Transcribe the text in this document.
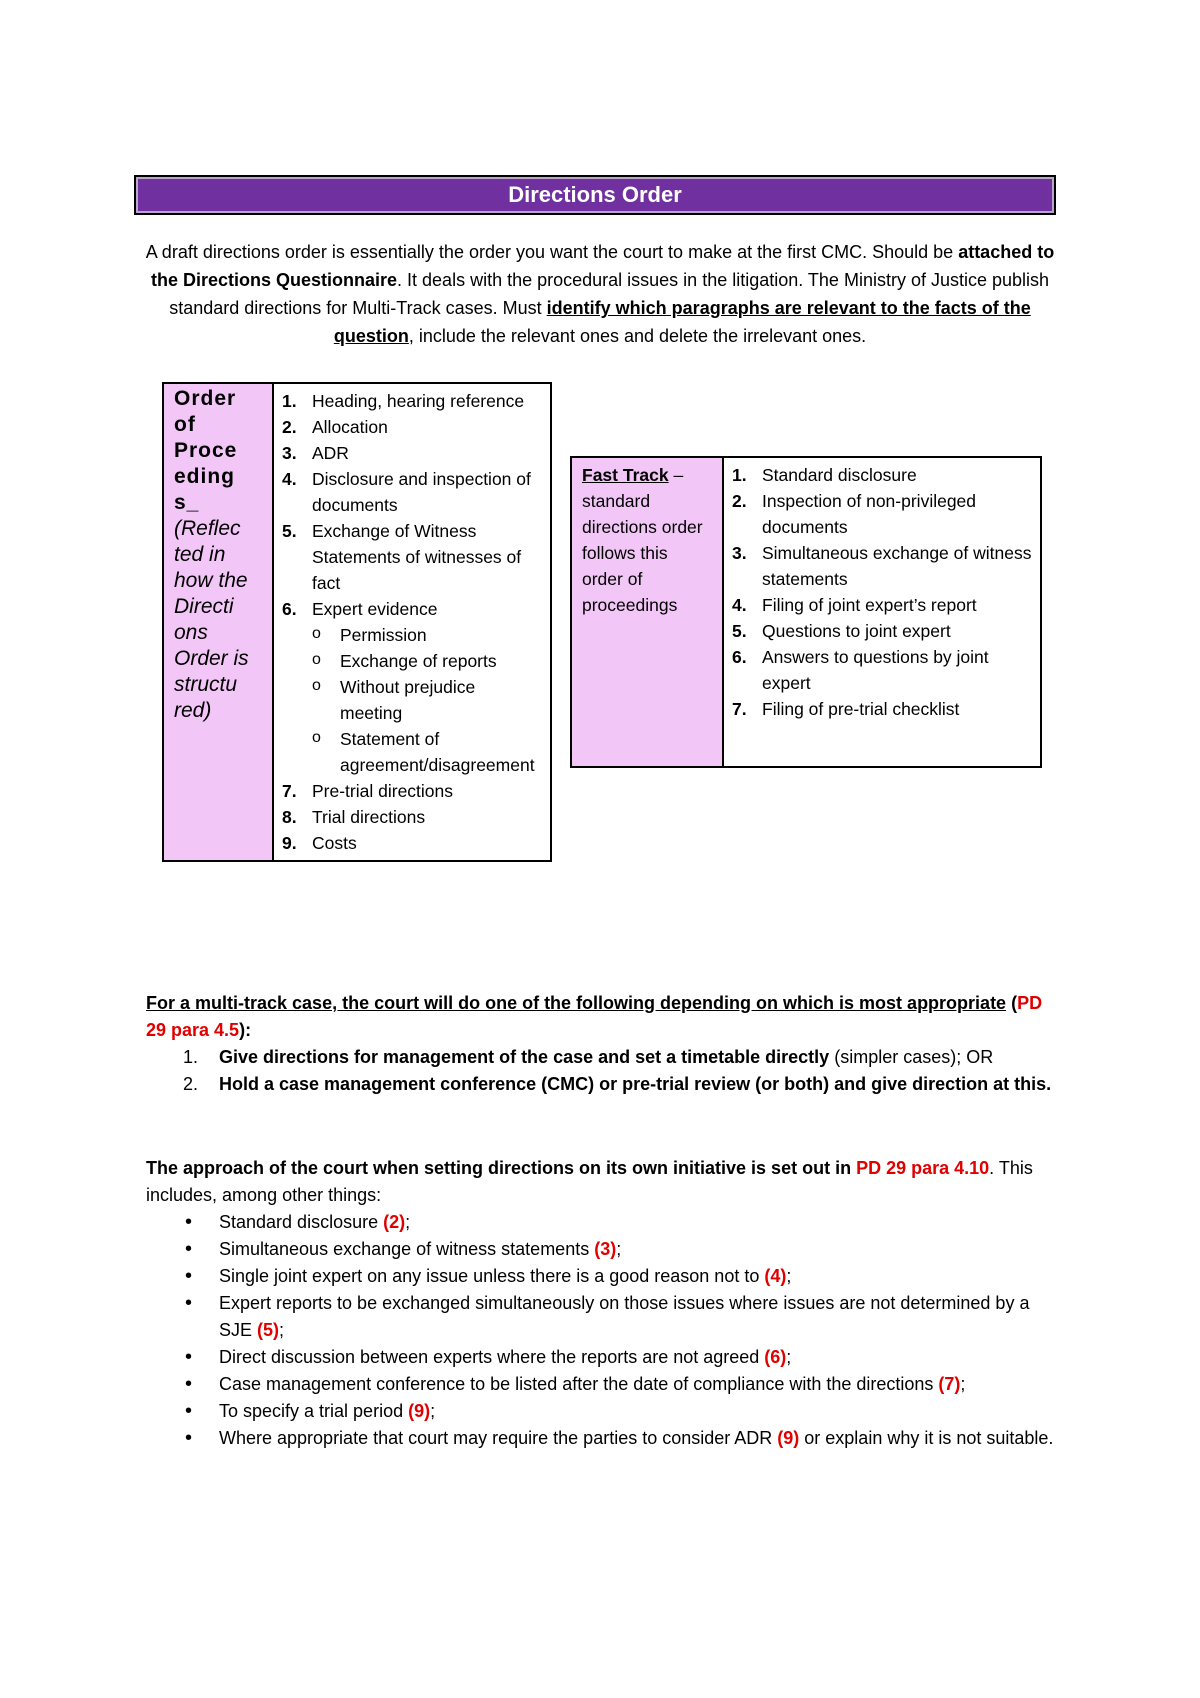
Directions Order
A draft directions order is essentially the order you want the court to make at the first CMC. Should be attached to the Directions Questionnaire. It deals with the procedural issues in the litigation. The Ministry of Justice publish standard directions for Multi-Track cases. Must identify which paragraphs are relevant to the facts of the question, include the relevant ones and delete the irrelevant ones.
Order of Proce eding s_
(Reflec ted in how the Directi ons Order is structu red)

1. Heading, hearing reference
2. Allocation
3. ADR
4. Disclosure and inspection of documents
5. Exchange of Witness Statements of witnesses of fact
6. Expert evidence
o Permission
o Exchange of reports
o Without prejudice meeting
o Statement of agreement/disagreement
7. Pre-trial directions
8. Trial directions
9. Costs
Fast Track – standard directions order follows this order of proceedings	
1. Standard disclosure
2. Inspection of non-privileged documents
3. Simultaneous exchange of witness statements
4. Filing of joint expert’s report
5. Questions to joint expert
6. Answers to questions by joint expert
7. Filing of pre-trial checklist
For a multi-track case, the court will do one of the following depending on which is most appropriate (PD 29 para 4.5):
1. Give directions for management of the case and set a timetable directly (simpler cases); OR
2. Hold a case management conference (CMC) or pre-trial review (or both) and give direction at this.
The approach of the court when setting directions on its own initiative is set out in PD 29 para 4.10. This includes, among other things:
• Standard disclosure (2);
• Simultaneous exchange of witness statements (3);
• Single joint expert on any issue unless there is a good reason not to (4);
• Expert reports to be exchanged simultaneously on those issues where issues are not determined by a SJE (5);
• Direct discussion between experts where the reports are not agreed (6);
• Case management conference to be listed after the date of compliance with the directions (7);
• To specify a trial period (9);
• Where appropriate that court may require the parties to consider ADR (9) or explain why it is not suitable.
